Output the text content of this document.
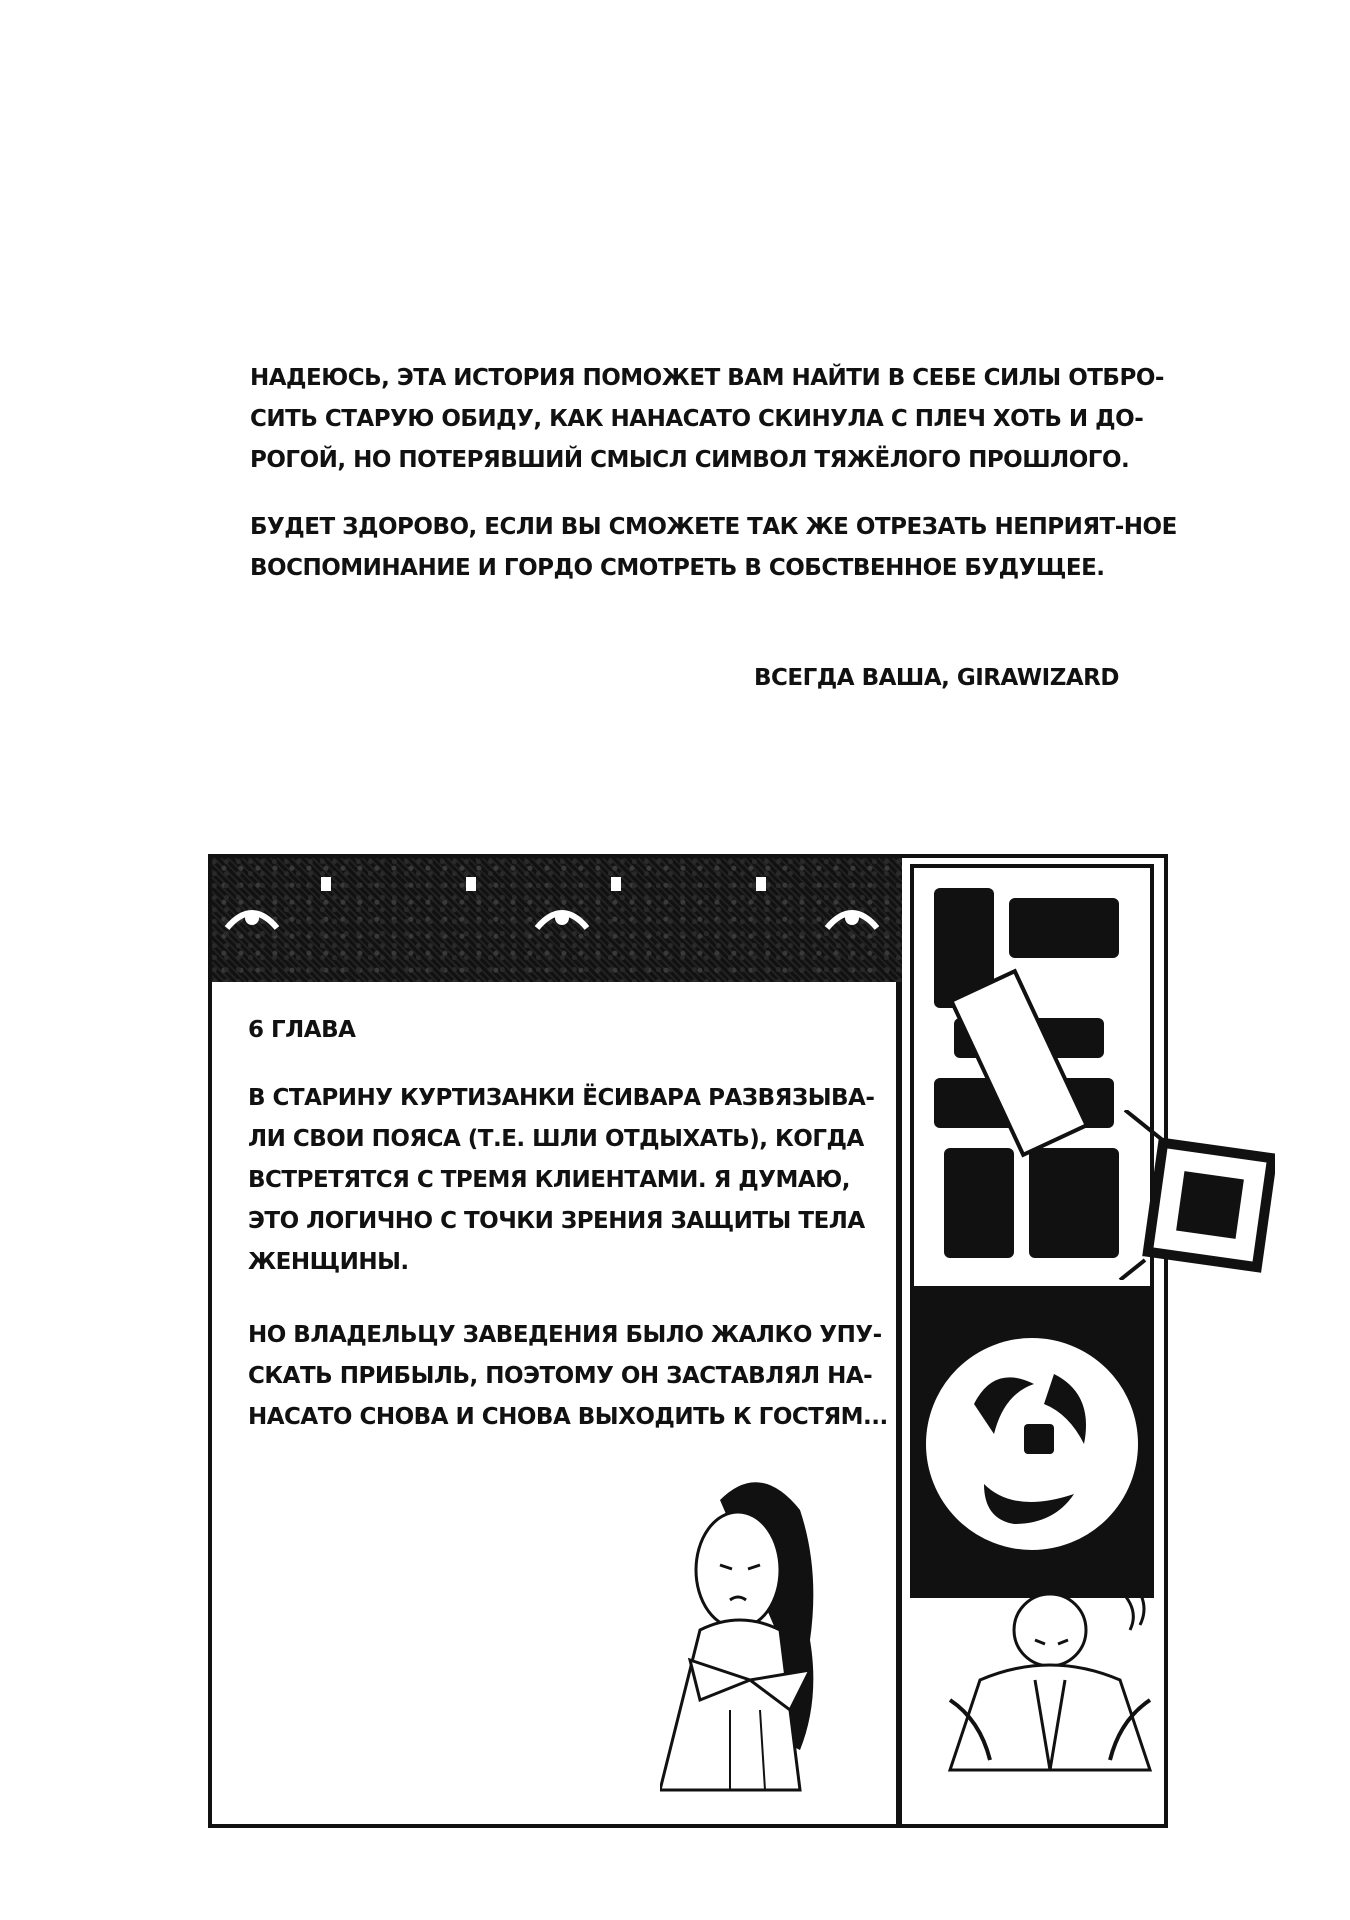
НАДЕЮСЬ, ЭТА ИСТОРИЯ ПОМОЖЕТ ВАМ НАЙТИ В СЕБЕ СИЛЫ ОТБРО-СИТЬ СТАРУЮ ОБИДУ, КАК НАНАСАТО СКИНУЛА С ПЛЕЧ ХОТЬ И ДО-РОГОЙ, НО ПОТЕРЯВШИЙ СМЫСЛ СИМВОЛ ТЯЖЁЛОГО ПРОШЛОГО.

БУДЕТ ЗДОРОВО, ЕСЛИ ВЫ СМОЖЕТЕ ТАК ЖЕ ОТРЕЗАТЬ НЕПРИЯТ-НОЕ ВОСПОМИНАНИЕ И ГОРДО СМОТРЕТЬ В СОБСТВЕННОЕ БУДУЩЕЕ.

ВСЕГДА ВАША, GIRAWIZARD

6 ГЛАВА

В СТАРИНУ КУРТИЗАНКИ ЁСИВАРА РАЗВЯЗЫВА-ЛИ СВОИ ПОЯСА (Т.Е. ШЛИ ОТДЫХАТЬ), КОГДА ВСТРЕТЯТСЯ С ТРЕМЯ КЛИЕНТАМИ. Я ДУМАЮ, ЭТО ЛОГИЧНО С ТОЧКИ ЗРЕНИЯ ЗАЩИТЫ ТЕЛА ЖЕНЩИНЫ.

НО ВЛАДЕЛЬЦУ ЗАВЕДЕНИЯ БЫЛО ЖАЛКО УПУ-СКАТЬ ПРИБЫЛЬ, ПОЭТОМУ ОН ЗАСТАВЛЯЛ НА-НАСАТО СНОВА И СНОВА ВЫХОДИТЬ К ГОСТЯМ...
